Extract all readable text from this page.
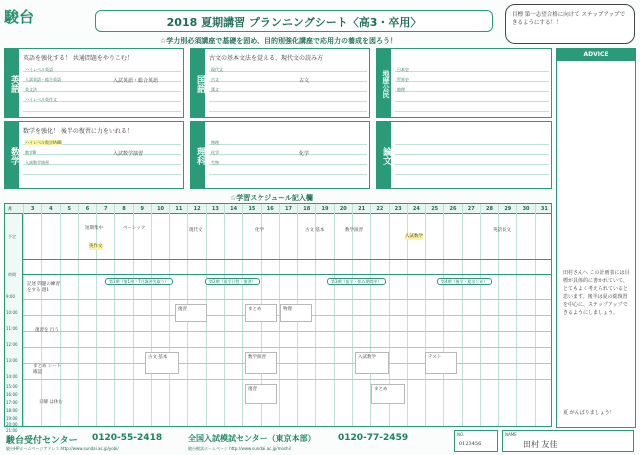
駿台	2018 夏期講習 プランニングシート〈高3・卒用〉
☆学力別必須講座で基礎を固め、目的別強化講座で応用力の養成を図ろう！
目標 第一志望合格に向けて ステップアップできるようにする！！
ADVICE
田村さんへ この計画表には目標が具体的に書かれていて、とてもよく考えられていると思います。後半は夏の総復習を中心に、ステップアップできるようにしましょう。
夏 がんばりましょう！
英語
英語を強化する！ 共通問題をやりこむ！
ハイレベル英語
入試英語・総合英語
英文法
ハイレベル英作文
入試英語・総合英語	国語
古文の基本文法を覚える、現代文の読み方
現代文
古文
漢文
古文	地歴公民
日本史
世界史
地理
数学
数学を強化！ 後半の復習に力をいれる！
ハイレベル数学ⅠAⅡB
数学Ⅲ
入試数学演習
入試数学演習	理科
物理
化学
生物
化学	論文
☆学習スケジュール記入欄
月
予定
時間
9:00
10:00
11:00
12:00
13:00
14:00
15:00
16:00
17:00
18:00
19:00
20:00
21:00
3	4	5	6	7	8	9	10	11	12	13	14	15	16	17	18	19	20	21	22	23	24	25	26	27	28	29	30	31
第1期（第1週・7月講習先取り）	第2期（前半日程・復習）	第3期（前半・休み期間中）	第4期（後半・総まとめ）
短期集中	ベーシック
英作文
現代文	化学	古文 基本	数学演習
入試数学
英語長文
復習	まとめ	物理
古文 基本	数学演習	入試数学	テスト
復習	まとめ
記述 問題の練習をする 週1
復習を 行う
まとめ シート 確認
日曜 は休む
駿台受付センター 0120-55-2418
駿台HPホームページアドレス http://www.sundai.ac.jp/yobi/
全国入試模試センター（東京本部） 0120-77-2459
駿台模試ホームページ http://www.sundai.ac.jp/moshi/
NO.
0123456
NAME
田村 友佳
